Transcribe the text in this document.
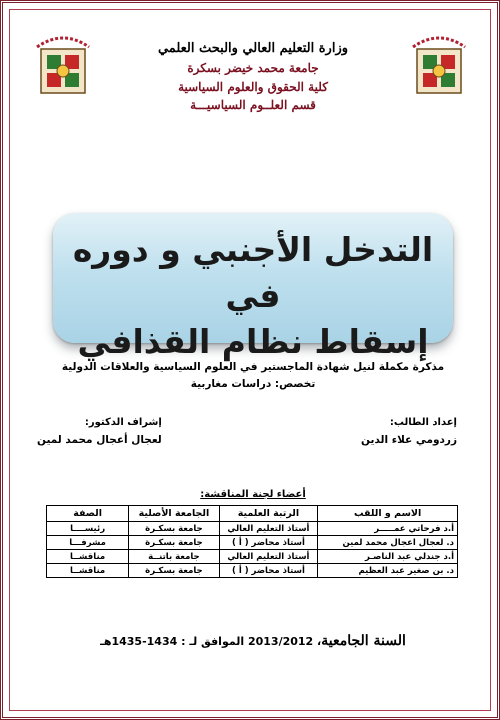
وزارة التعليم العالي والبحث العلمي
جامعة محمد خيضر بسكرة
كلية الحقوق والعلوم السياسية
قسم العلــوم السياسيـــة
التدخل الأجنبي و دوره في
إسقاط نظام القذافي
مذكرة مكملة لنيل شهادة الماجستير في العلوم السياسية والعلاقات الدولية
تخصص: دراسات مغاربية
إعداد الطالب:
زردومي علاء الدين
إشراف الدكتور:
لعجال أعجال محمد لمين
أعضاء لجنة المناقشة:
الاسم و اللقب	الرتبة العلمية	الجامعة الأصلية	الصفة
أ.د فرحاتي عمـــــر	أستاذ التعليم العالي	جامعة بسكـرة	رئيســــا
د. لعجال اعجال محمد لمين	أستاذ محاضر ( أ )	جامعة بسكـرة	مشرفـــا
أ.د جندلي عبد الناصـر	أستاذ التعليم العالي	جامعة باتنــة	مناقشــا
د. بن صغير عبد العظيم	أستاذ محاضر ( أ )	جامعة بسكـرة	مناقشــا
السنة الجامعية، 2013/2012 الموافق لـ : 1434-1435هـ
